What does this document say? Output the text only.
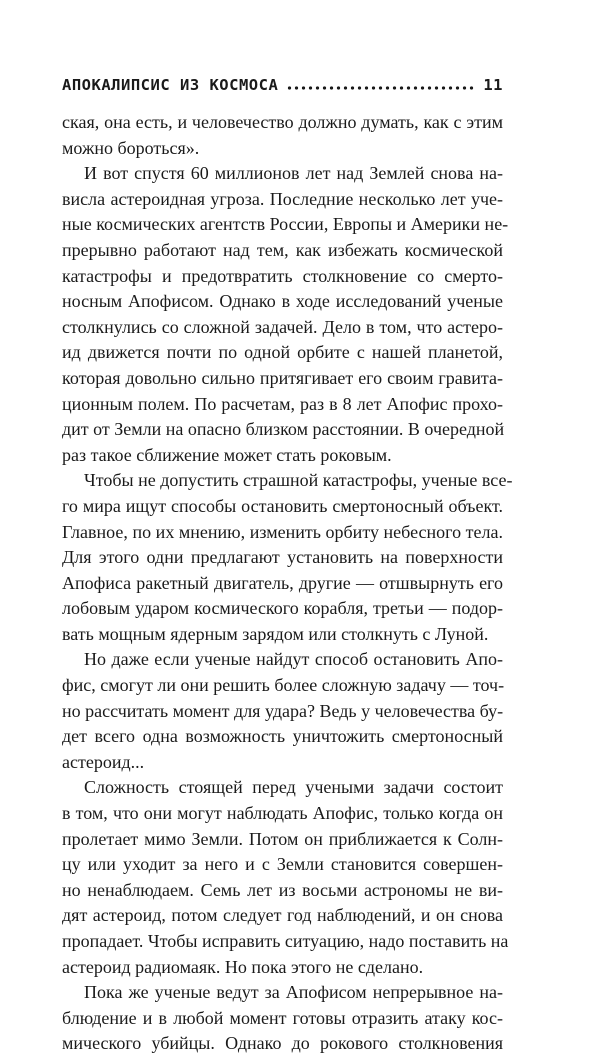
АПОКАЛИПСИС ИЗ КОСМОСА	11
ская, она есть, и человечество должно думать, как с этим
можно бороться».
И вот спустя 60 миллионов лет над Землей снова на-
висла астероидная угроза. Последние несколько лет уче-
ные космических агентств России, Европы и Америки не-
прерывно работают над тем, как избежать космической
катастрофы и предотвратить столкновение со смерто-
носным Апофисом. Однако в ходе исследований ученые
столкнулись со сложной задачей. Дело в том, что астеро-
ид движется почти по одной орбите с нашей планетой,
которая довольно сильно притягивает его своим гравита-
ционным полем. По расчетам, раз в 8 лет Апофис прохо-
дит от Земли на опасно близком расстоянии. В очередной
раз такое сближение может стать роковым.
Чтобы не допустить страшной катастрофы, ученые все-
го мира ищут способы остановить смертоносный объект.
Главное, по их мнению, изменить орбиту небесного тела.
Для этого одни предлагают установить на поверхности
Апофиса ракетный двигатель, другие — отшвырнуть его
лобовым ударом космического корабля, третьи — подор-
вать мощным ядерным зарядом или столкнуть с Луной.
Но даже если ученые найдут способ остановить Апо-
фис, смогут ли они решить более сложную задачу — точ-
но рассчитать момент для удара? Ведь у человечества бу-
дет всего одна возможность уничтожить смертоносный
астероид...
Сложность стоящей перед учеными задачи состоит
в том, что они могут наблюдать Апофис, только когда он
пролетает мимо Земли. Потом он приближается к Солн-
цу или уходит за него и с Земли становится совершен-
но ненаблюдаем. Семь лет из восьми астрономы не ви-
дят астероид, потом следует год наблюдений, и он снова
пропадает. Чтобы исправить ситуацию, надо поставить на
астероид радиомаяк. Но пока этого не сделано.
Пока же ученые ведут за Апофисом непрерывное на-
блюдение и в любой момент готовы отразить атаку кос-
мического убийцы. Однако до рокового столкновения
